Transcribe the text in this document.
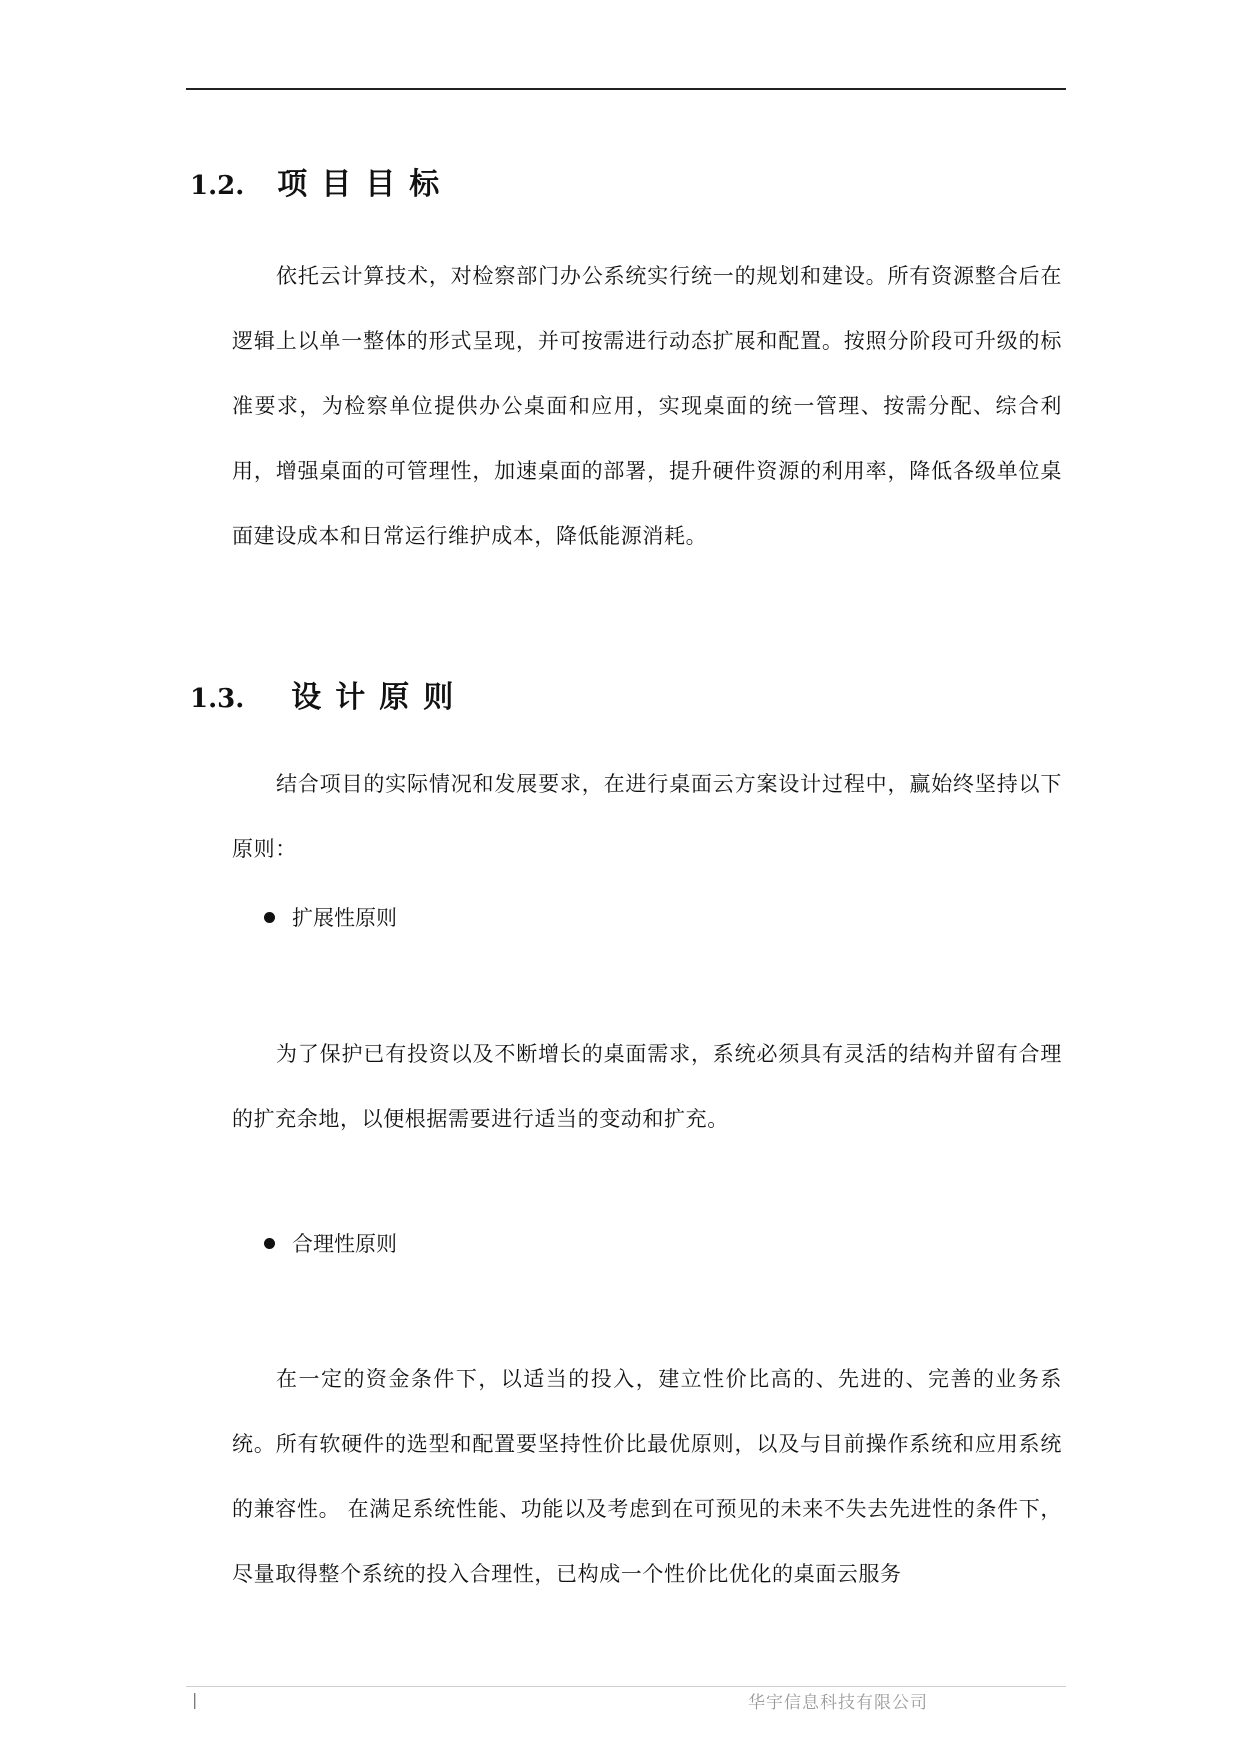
1.2. 项目目标

依托云计算技术，对检察部门办公系统实行统一的规划和建设。所有资源整合后在逻辑上以单一整体的形式呈现，并可按需进行动态扩展和配置。按照分阶段可升级的标准要求，为检察单位提供办公桌面和应用，实现桌面的统一管理、按需分配、综合利用，增强桌面的可管理性，加速桌面的部署，提升硬件资源的利用率，降低各级单位桌面建设成本和日常运行维护成本，降低能源消耗。

1.3. 设计原则

结合项目的实际情况和发展要求，在进行桌面云方案设计过程中，赢始终坚持以下原则：

扩展性原则

为了保护已有投资以及不断增长的桌面需求，系统必须具有灵活的结构并留有合理的扩充余地，以便根据需要进行适当的变动和扩充。

合理性原则

在一定的资金条件下，以适当的投入，建立性价比高的、先进的、完善的业务系统。所有软硬件的选型和配置要坚持性价比最优原则，以及与目前操作系统和应用系统的兼容性。 在满足系统性能、功能以及考虑到在可预见的未来不失去先进性的条件下，尽量取得整个系统的投入合理性，已构成一个性价比优化的桌面云服务

|	华宇信息科技有限公司
